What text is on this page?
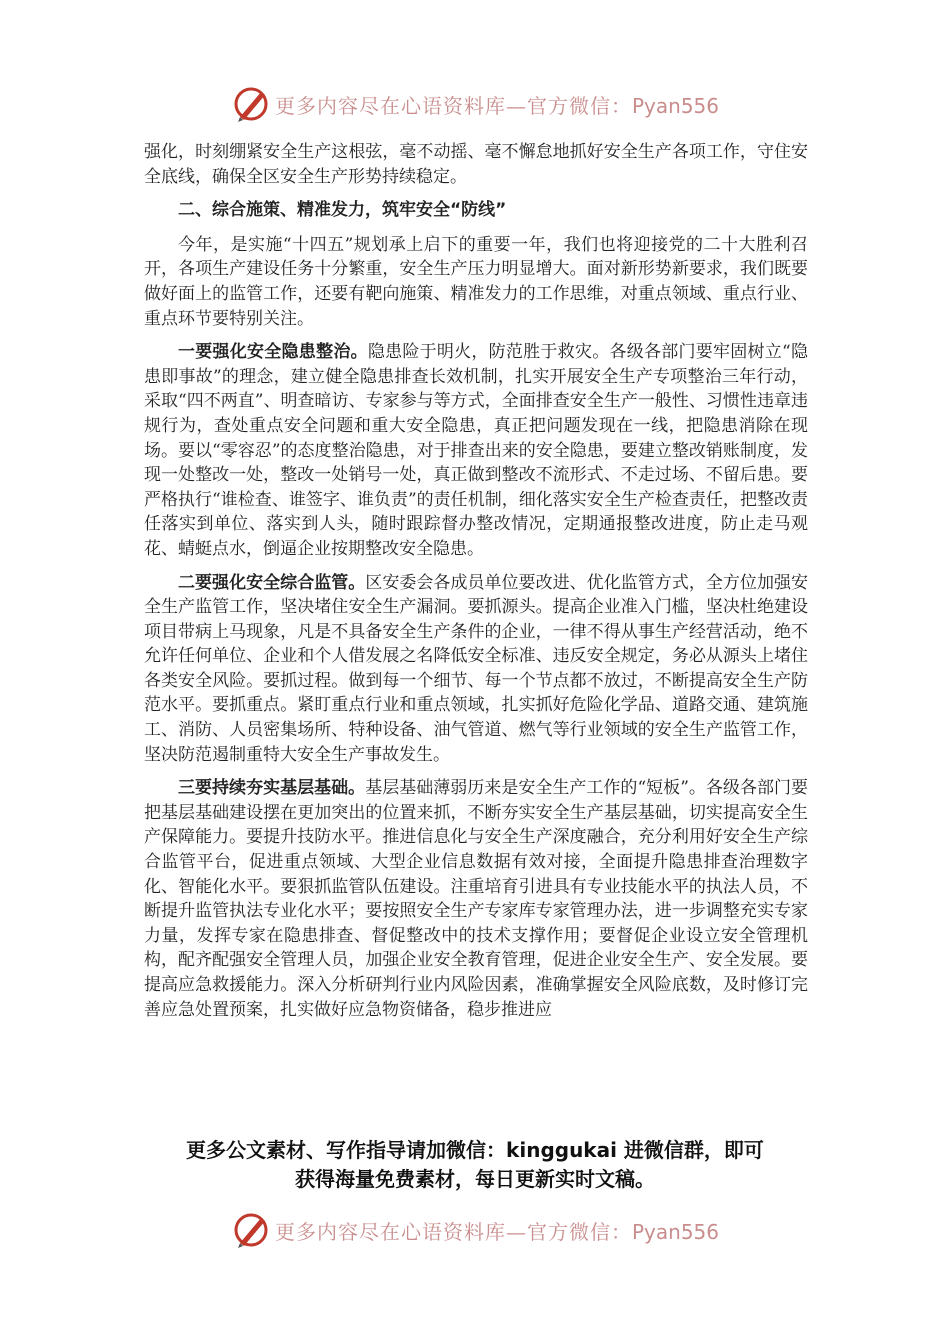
更多内容尽在心语资料库—官方微信：Pyan556

强化，时刻绷紧安全生产这根弦，毫不动摇、毫不懈怠地抓好安全生产各项工作，守住安全底线，确保全区安全生产形势持续稳定。

二、综合施策、精准发力，筑牢安全“防线”

今年，是实施“十四五”规划承上启下的重要一年，我们也将迎接党的二十大胜利召开，各项生产建设任务十分繁重，安全生产压力明显增大。面对新形势新要求，我们既要做好面上的监管工作，还要有靶向施策、精准发力的工作思维，对重点领域、重点行业、重点环节要特别关注。

一要强化安全隐患整治。隐患险于明火，防范胜于救灾。各级各部门要牢固树立“隐患即事故”的理念，建立健全隐患排查长效机制，扎实开展安全生产专项整治三年行动，采取“四不两直”、明查暗访、专家参与等方式，全面排查安全生产一般性、习惯性违章违规行为，查处重点安全问题和重大安全隐患，真正把问题发现在一线，把隐患消除在现场。要以“零容忍”的态度整治隐患，对于排查出来的安全隐患，要建立整改销账制度，发现一处整改一处，整改一处销号一处，真正做到整改不流形式、不走过场、不留后患。要严格执行“谁检查、谁签字、谁负责”的责任机制，细化落实安全生产检查责任，把整改责任落实到单位、落实到人头，随时跟踪督办整改情况，定期通报整改进度，防止走马观花、蜻蜓点水，倒逼企业按期整改安全隐患。

二要强化安全综合监管。区安委会各成员单位要改进、优化监管方式，全方位加强安全生产监管工作，坚决堵住安全生产漏洞。要抓源头。提高企业准入门槛，坚决杜绝建设项目带病上马现象，凡是不具备安全生产条件的企业，一律不得从事生产经营活动，绝不允许任何单位、企业和个人借发展之名降低安全标准、违反安全规定，务必从源头上堵住各类安全风险。要抓过程。做到每一个细节、每一个节点都不放过，不断提高安全生产防范水平。要抓重点。紧盯重点行业和重点领域，扎实抓好危险化学品、道路交通、建筑施工、消防、人员密集场所、特种设备、油气管道、燃气等行业领域的安全生产监管工作，坚决防范遏制重特大安全生产事故发生。

三要持续夯实基层基础。基层基础薄弱历来是安全生产工作的“短板”。各级各部门要把基层基础建设摆在更加突出的位置来抓，不断夯实安全生产基层基础，切实提高安全生产保障能力。要提升技防水平。推进信息化与安全生产深度融合，充分利用好安全生产综合监管平台，促进重点领域、大型企业信息数据有效对接，全面提升隐患排查治理数字化、智能化水平。要狠抓监管队伍建设。注重培育引进具有专业技能水平的执法人员，不断提升监管执法专业化水平；要按照安全生产专家库专家管理办法，进一步调整充实专家力量，发挥专家在隐患排查、督促整改中的技术支撑作用；要督促企业设立安全管理机构，配齐配强安全管理人员，加强企业安全教育管理，促进企业安全生产、安全发展。要提高应急救援能力。深入分析研判行业内风险因素，准确掌握安全风险底数，及时修订完善应急处置预案，扎实做好应急物资储备，稳步推进应

更多公文素材、写作指导请加微信：kinggukai 进微信群，即可
获得海量免费素材，每日更新实时文稿。
更多内容尽在心语资料库—官方微信：Pyan556
